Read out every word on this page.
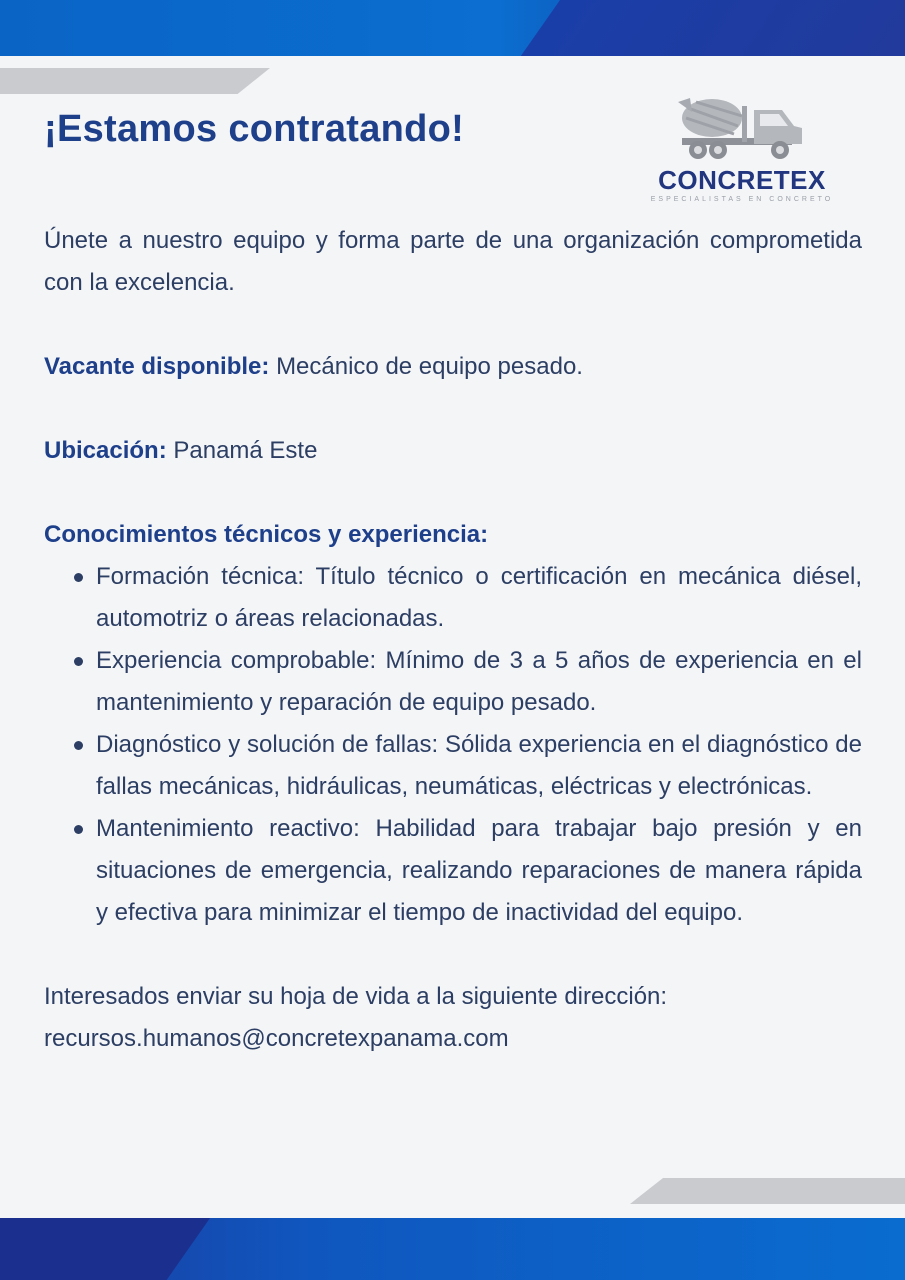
¡Estamos contratando!
CONCRETEX
ESPECIALISTAS EN CONCRETO

Únete a nuestro equipo y forma parte de una organización comprometida con la excelencia.

Vacante disponible: Mecánico de equipo pesado.

Ubicación: Panamá Este

Conocimientos técnicos y experiencia:

Formación técnica: Título técnico o certificación en mecánica diésel, automotriz o áreas relacionadas.
Experiencia comprobable: Mínimo de 3 a 5 años de experiencia en el mantenimiento y reparación de equipo pesado.
Diagnóstico y solución de fallas: Sólida experiencia en el diagnóstico de fallas mecánicas, hidráulicas, neumáticas, eléctricas y electrónicas.
Mantenimiento reactivo: Habilidad para trabajar bajo presión y en situaciones de emergencia, realizando reparaciones de manera rápida y efectiva para minimizar el tiempo de inactividad del equipo.

Interesados enviar su hoja de vida a la siguiente dirección:

recursos.humanos@concretexpanama.com
